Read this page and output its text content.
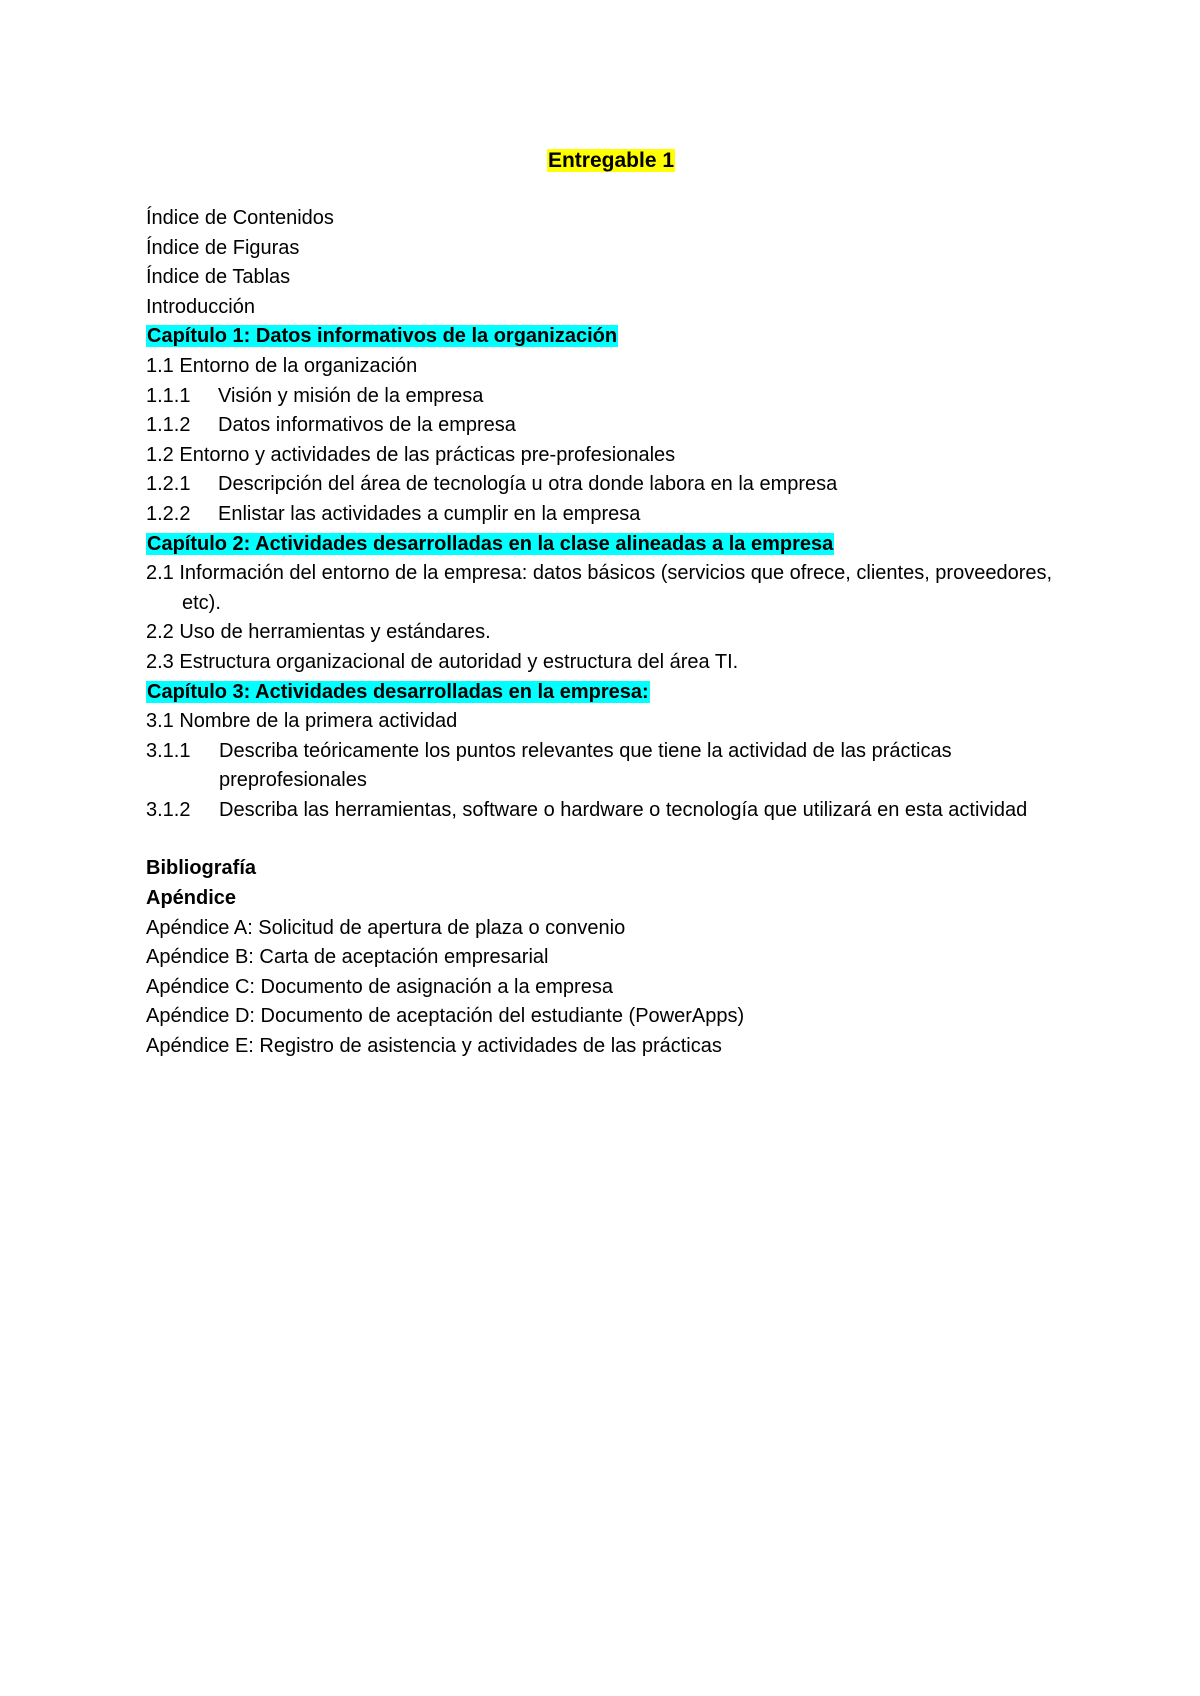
Entregable 1
Índice de Contenidos
Índice de Figuras
Índice de Tablas
Introducción
Capítulo 1: Datos informativos de la organización
1.1 Entorno de la organización
1.1.1 Visión y misión de la empresa
1.1.2 Datos informativos de la empresa
1.2 Entorno y actividades de las prácticas pre-profesionales
1.2.1 Descripción del área de tecnología u otra donde labora en la empresa
1.2.2 Enlistar las actividades a cumplir en la empresa
Capítulo 2: Actividades desarrolladas en la clase alineadas a la empresa
2.1 Información del entorno de la empresa: datos básicos (servicios que ofrece, clientes, proveedores, etc).
2.2 Uso de herramientas y estándares.
2.3 Estructura organizacional de autoridad y estructura del área TI.
Capítulo 3: Actividades desarrolladas en la empresa:
3.1 Nombre de la primera actividad
3.1.1 Describa teóricamente los puntos relevantes que tiene la actividad de las prácticas preprofesionales
3.1.2 Describa las herramientas, software o hardware o tecnología que utilizará en esta actividad
Bibliografía
Apéndice
Apéndice A: Solicitud de apertura de plaza o convenio
Apéndice B: Carta de aceptación empresarial
Apéndice C: Documento de asignación a la empresa
Apéndice D: Documento de aceptación del estudiante (PowerApps)
Apéndice E: Registro de asistencia y actividades de las prácticas
